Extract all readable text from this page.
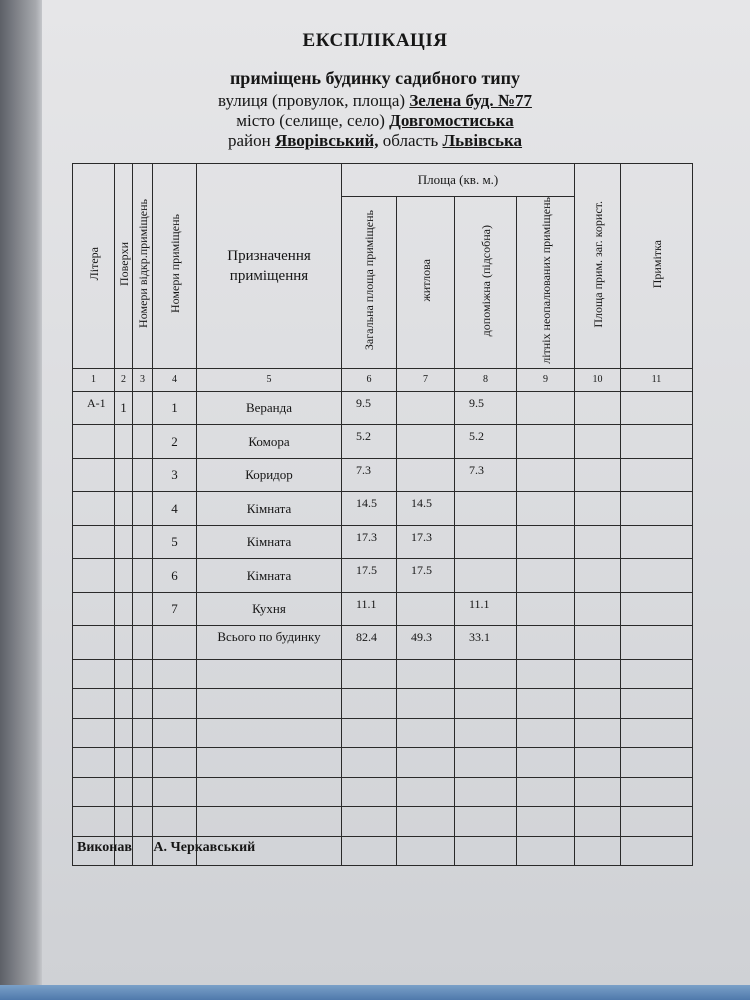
ЕКСПЛІКАЦІЯ
приміщень будинку садибного типу
вулиця (провулок, площа) Зелена буд. №77
місто (селище, село) Довгомостиська
район Яворівський, область Львівська
Літера	Поверхи	Номери відкр.приміщень	Номери приміщень	Призначення приміщення	Площа (кв. м.)				Площа прим. заг. корист.	Примітка
					Загальна площа приміщень	житлова	допоміжна (підсобна)	літніх неопалюваних приміщень		
1	2	3	4	5	6	7	8	9	10	11
А-1	1		1	Веранда	9.5		9.5			
			2	Комора	5.2		5.2			
			3	Коридор	7.3		7.3			
			4	Кімната	14.5	14.5				
			5	Кімната	17.3	17.3				
			6	Кімната	17.5	17.5				
			7	Кухня	11.1		11.1			
				Всього по будинку	82.4	49.3	33.1			

Виконав А. Черкавський
